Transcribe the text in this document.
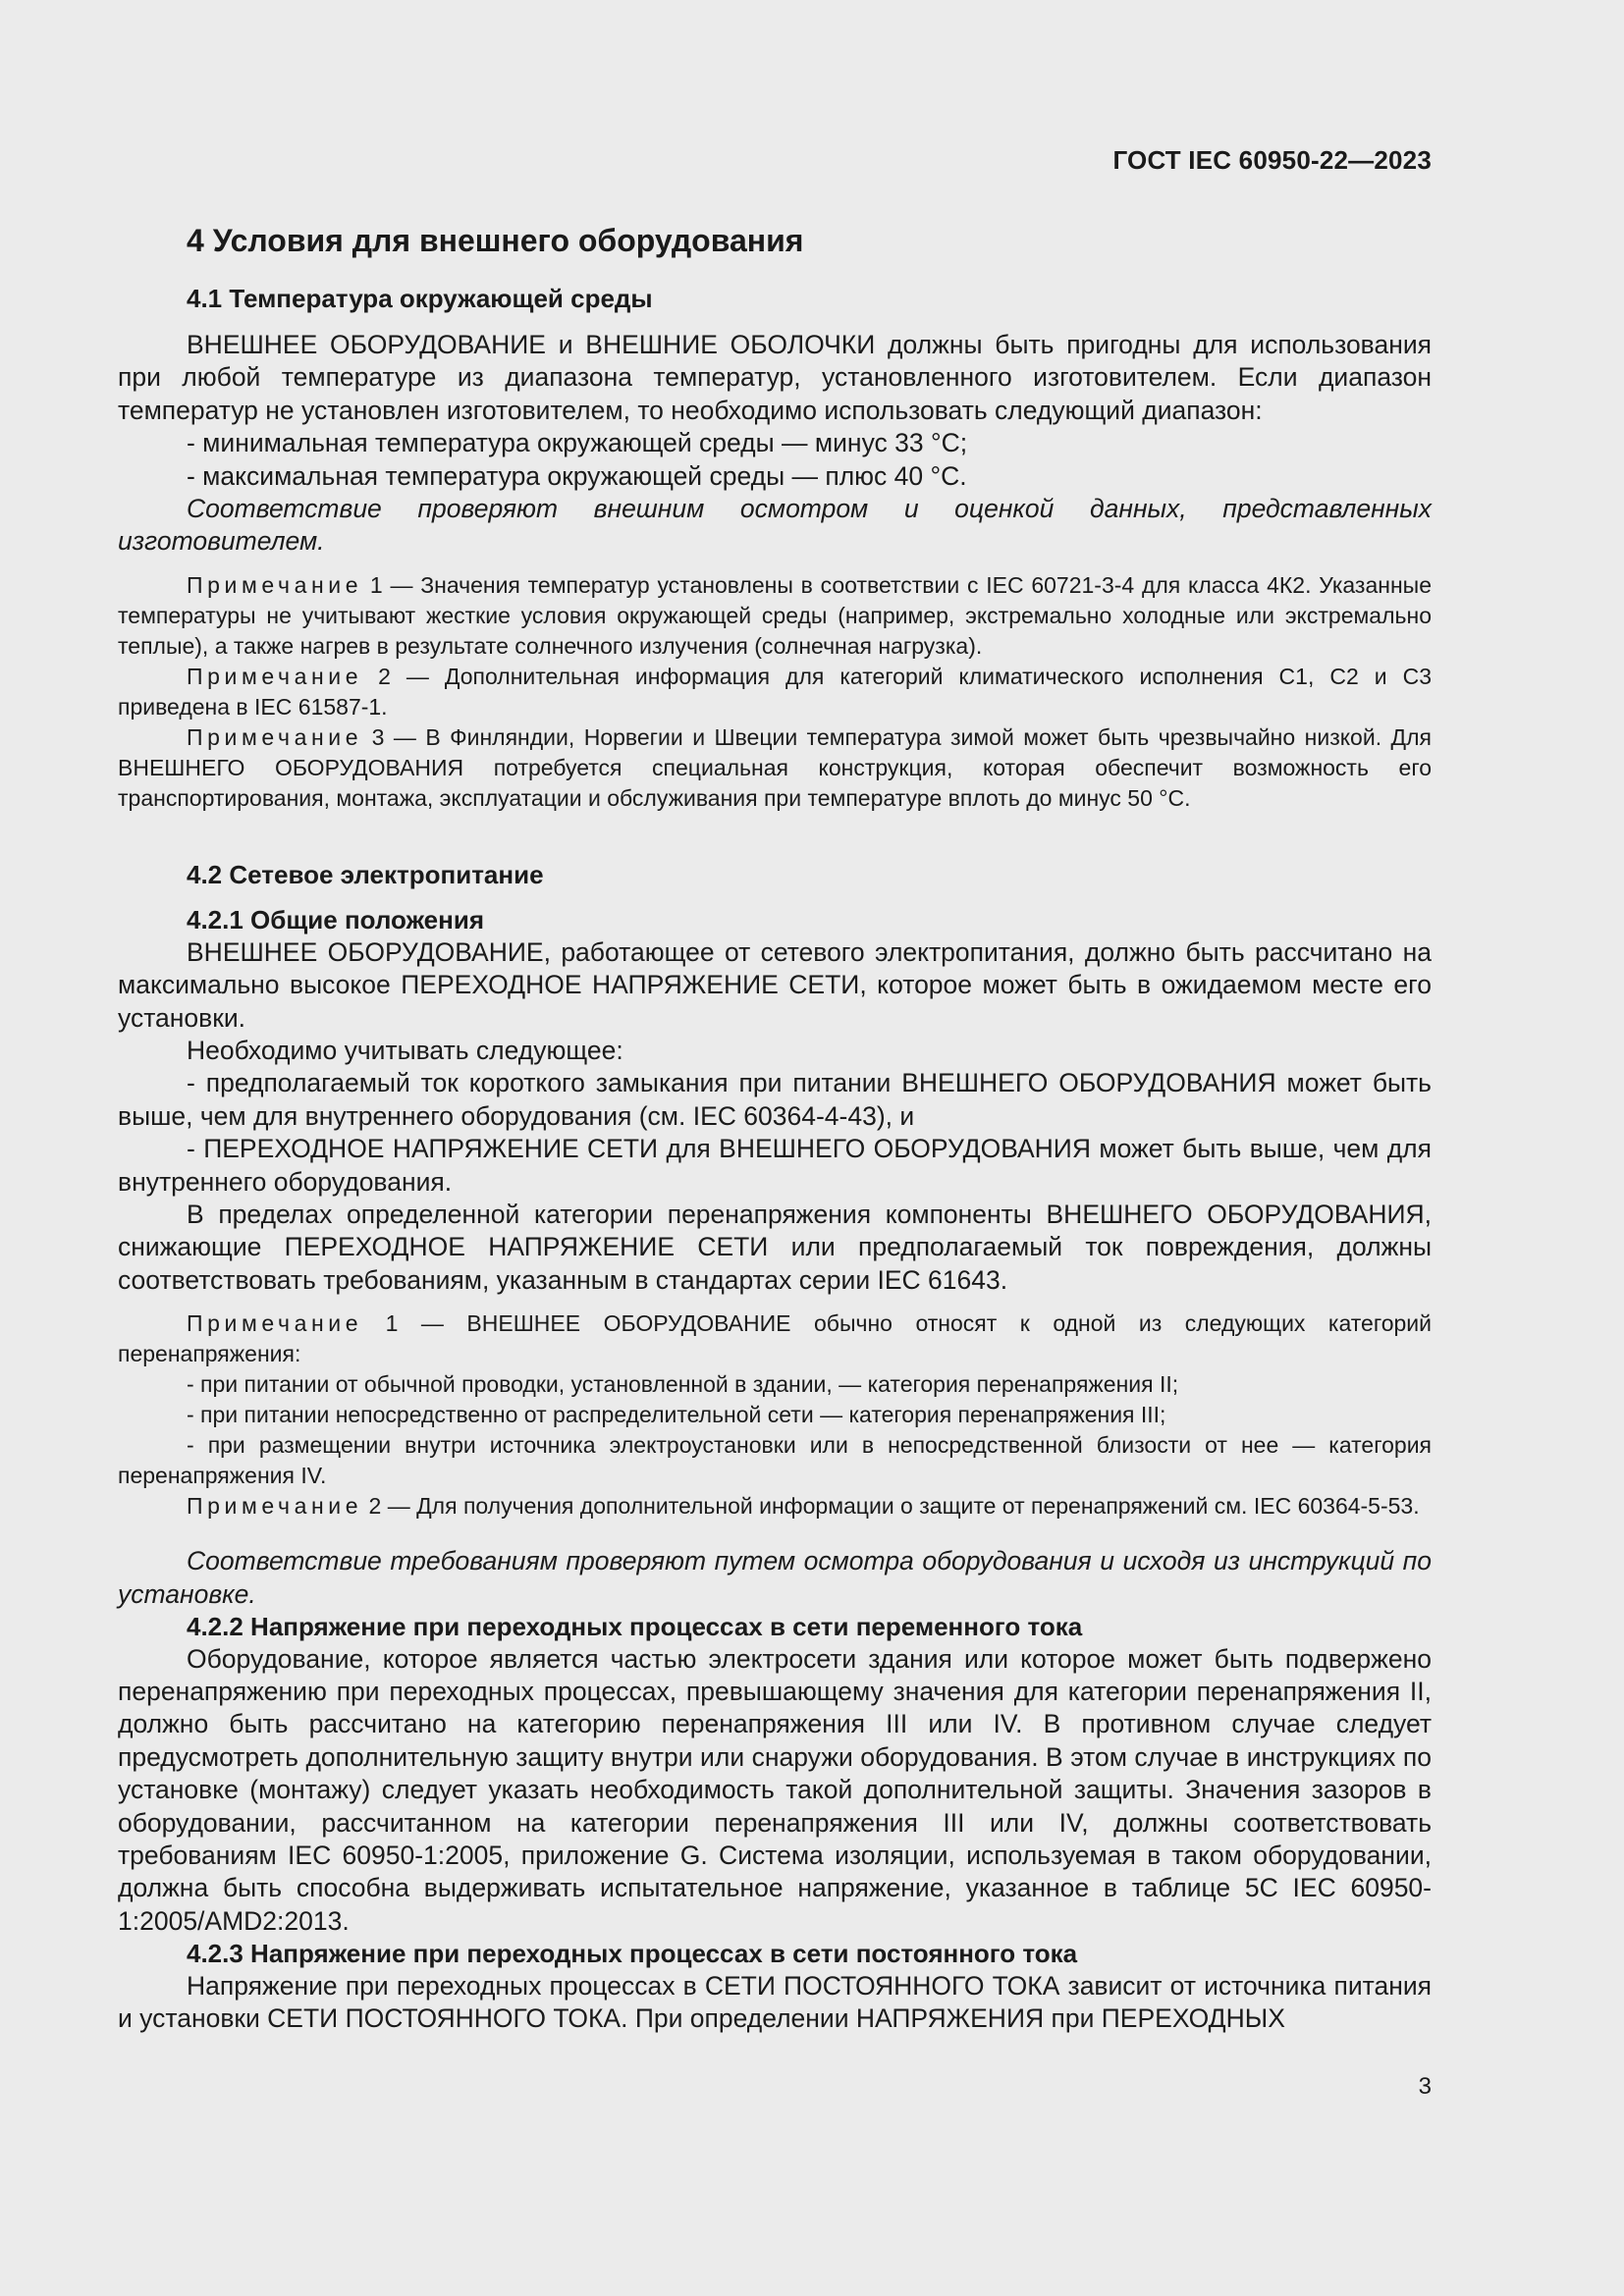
ГОСТ IEC 60950-22—2023
4 Условия для внешнего оборудования
4.1 Температура окружающей среды

ВНЕШНЕЕ ОБОРУДОВАНИЕ и ВНЕШНИЕ ОБОЛОЧКИ должны быть пригодны для использования при любой температуре из диапазона температур, установленного изготовителем. Если диапазон температур не установлен изготовителем, то необходимо использовать следующий диапазон:

- минимальная температура окружающей среды — минус 33 °С;
- максимальная температура окружающей среды — плюс 40 °С.

Соответствие проверяют внешним осмотром и оценкой данных, представленных изготовителем.

Примечание 1 — Значения температур установлены в соответствии с IEC 60721-3-4 для класса 4К2. Указанные температуры не учитывают жесткие условия окружающей среды (например, экстремально холодные или экстремально теплые), а также нагрев в результате солнечного излучения (солнечная нагрузка).

Примечание 2 — Дополнительная информация для категорий климатического исполнения С1, С2 и С3 приведена в IEC 61587-1.

Примечание 3 — В Финляндии, Норвегии и Швеции температура зимой может быть чрезвычайно низкой. Для ВНЕШНЕГО ОБОРУДОВАНИЯ потребуется специальная конструкция, которая обеспечит возможность его транспортирования, монтажа, эксплуатации и обслуживания при температуре вплоть до минус 50 °С.

4.2 Сетевое электропитание
4.2.1 Общие положения

ВНЕШНЕЕ ОБОРУДОВАНИЕ, работающее от сетевого электропитания, должно быть рассчитано на максимально высокое ПЕРЕХОДНОЕ НАПРЯЖЕНИЕ СЕТИ, которое может быть в ожидаемом месте его установки.

Необходимо учитывать следующее:

- предполагаемый ток короткого замыкания при питании ВНЕШНЕГО ОБОРУДОВАНИЯ может быть выше, чем для внутреннего оборудования (см. IEC 60364-4-43), и

- ПЕРЕХОДНОЕ НАПРЯЖЕНИЕ СЕТИ для ВНЕШНЕГО ОБОРУДОВАНИЯ может быть выше, чем для внутреннего оборудования.

В пределах определенной категории перенапряжения компоненты ВНЕШНЕГО ОБОРУДОВАНИЯ, снижающие ПЕРЕХОДНОЕ НАПРЯЖЕНИЕ СЕТИ или предполагаемый ток повреждения, должны соответствовать требованиям, указанным в стандартах серии IEC 61643.

Примечание 1 — ВНЕШНЕЕ ОБОРУДОВАНИЕ обычно относят к одной из следующих категорий перенапряжения:

- при питании от обычной проводки, установленной в здании, — категория перенапряжения II;
- при питании непосредственно от распределительной сети — категория перенапряжения III;

- при размещении внутри источника электроустановки или в непосредственной близости от нее — категория перенапряжения IV.

Примечание 2 — Для получения дополнительной информации о защите от перенапряжений см. IEC 60364-5-53.

Соответствие требованиям проверяют путем осмотра оборудования и исходя из инструкций по установке.

4.2.2 Напряжение при переходных процессах в сети переменного тока

Оборудование, которое является частью электросети здания или которое может быть подвержено перенапряжению при переходных процессах, превышающему значения для категории перенапряжения II, должно быть рассчитано на категорию перенапряжения III или IV. В противном случае следует предусмотреть дополнительную защиту внутри или снаружи оборудования. В этом случае в инструкциях по установке (монтажу) следует указать необходимость такой дополнительной защиты. Значения зазоров в оборудовании, рассчитанном на категории перенапряжения III или IV, должны соответствовать требованиям IEC 60950-1:2005, приложение G. Система изоляции, используемая в таком оборудовании, должна быть способна выдерживать испытательное напряжение, указанное в таблице 5С IEC 60950-1:2005/AMD2:2013.

4.2.3 Напряжение при переходных процессах в сети постоянного тока

Напряжение при переходных процессах в СЕТИ ПОСТОЯННОГО ТОКА зависит от источника питания и установки СЕТИ ПОСТОЯННОГО ТОКА. При определении НАПРЯЖЕНИЯ при ПЕРЕХОДНЫХ

3
